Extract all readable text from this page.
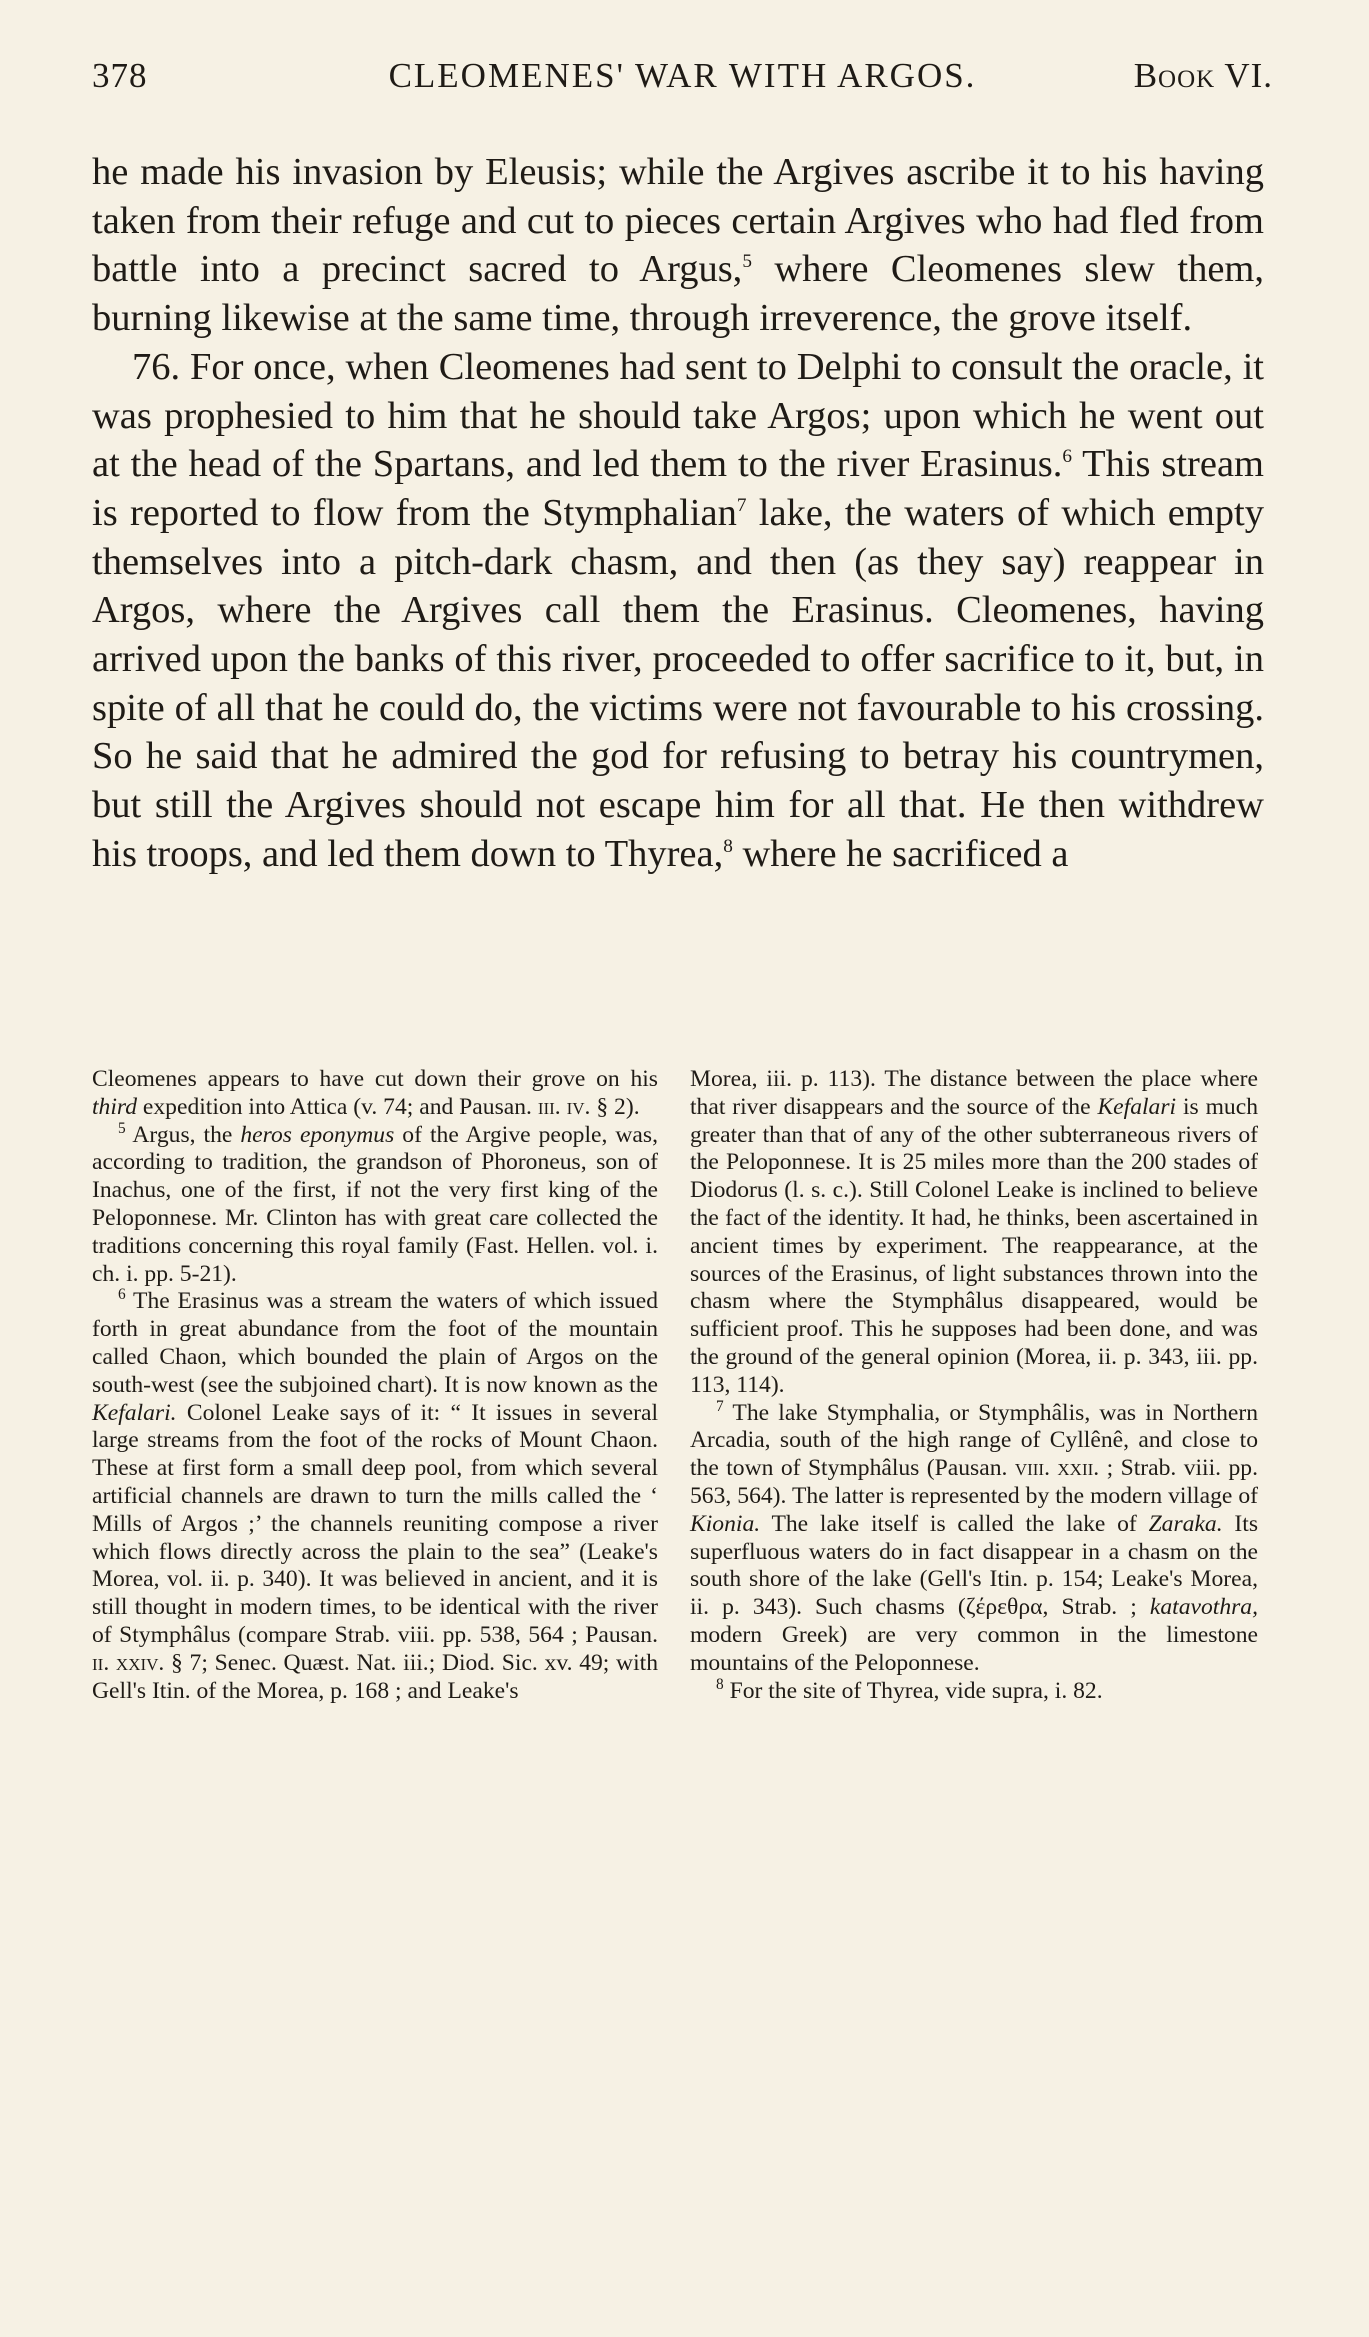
378	CLEOMENES' WAR WITH ARGOS.	Book VI.

he made his invasion by Eleusis; while the Argives ascribe it to his having taken from their refuge and cut to pieces certain Argives who had fled from battle into a precinct sacred to Argus,$^5$ where Cleomenes slew them, burning likewise at the same time, through irreverence, the grove itself.

76. For once, when Cleomenes had sent to Delphi to consult the oracle, it was prophesied to him that he should take Argos; upon which he went out at the head of the Spartans, and led them to the river Erasinus.$^6$ This stream is reported to flow from the Stymphalian$^7$ lake, the waters of which empty themselves into a pitch-dark chasm, and then (as they say) reappear in Argos, where the Argives call them the Erasinus. Cleomenes, having arrived upon the banks of this river, proceeded to offer sacrifice to it, but, in spite of all that he could do, the victims were not favourable to his crossing. So he said that he admired the god for refusing to betray his countrymen, but still the Argives should not escape him for all that. He then withdrew his troops, and led them down to Thyrea,$^8$ where he sacrificed a

Cleomenes appears to have cut down their grove on his third expedition into Attica (v. 74; and Pausan. iii. iv. § 2).

$^5$ Argus, the heros eponymus of the Argive people, was, according to tradition, the grandson of Phoroneus, son of Inachus, one of the first, if not the very first king of the Peloponnese. Mr. Clinton has with great care collected the traditions concerning this royal family (Fast. Hellen. vol. i. ch. i. pp. 5-21).

$^6$ The Erasinus was a stream the waters of which issued forth in great abundance from the foot of the mountain called Chaon, which bounded the plain of Argos on the south-west (see the subjoined chart). It is now known as the Kefalari. Colonel Leake says of it: “ It issues in several large streams from the foot of the rocks of Mount Chaon. These at first form a small deep pool, from which several artificial channels are drawn to turn the mills called the ‘ Mills of Argos ;’ the channels reuniting compose a river which flows directly across the plain to the sea” (Leake's Morea, vol. ii. p. 340). It was believed in ancient, and it is still thought in modern times, to be identical with the river of Stymphâlus (compare Strab. viii. pp. 538, 564 ; Pausan. ii. xxiv. § 7; Senec. Quæst. Nat. iii.; Diod. Sic. xv. 49; with Gell's Itin. of the Morea, p. 168 ; and Leake's

Morea, iii. p. 113). The distance between the place where that river disappears and the source of the Kefalari is much greater than that of any of the other subterraneous rivers of the Peloponnese. It is 25 miles more than the 200 stades of Diodorus (l. s. c.). Still Colonel Leake is inclined to believe the fact of the identity. It had, he thinks, been ascertained in ancient times by experiment. The reappearance, at the sources of the Erasinus, of light substances thrown into the chasm where the Stymphâlus disappeared, would be sufficient proof. This he supposes had been done, and was the ground of the general opinion (Morea, ii. p. 343, iii. pp. 113, 114).

$^7$ The lake Stymphalia, or Stymphâlis, was in Northern Arcadia, south of the high range of Cyllênê, and close to the town of Stymphâlus (Pausan. viii. xxii. ; Strab. viii. pp. 563, 564). The latter is represented by the modern village of Kionia. The lake itself is called the lake of Zaraka. Its superfluous waters do in fact disappear in a chasm on the south shore of the lake (Gell's Itin. p. 154; Leake's Morea, ii. p. 343). Such chasms (ζέρεθρα, Strab. ; katavothra, modern Greek) are very common in the limestone mountains of the Peloponnese.

$^8$ For the site of Thyrea, vide supra, i. 82.
